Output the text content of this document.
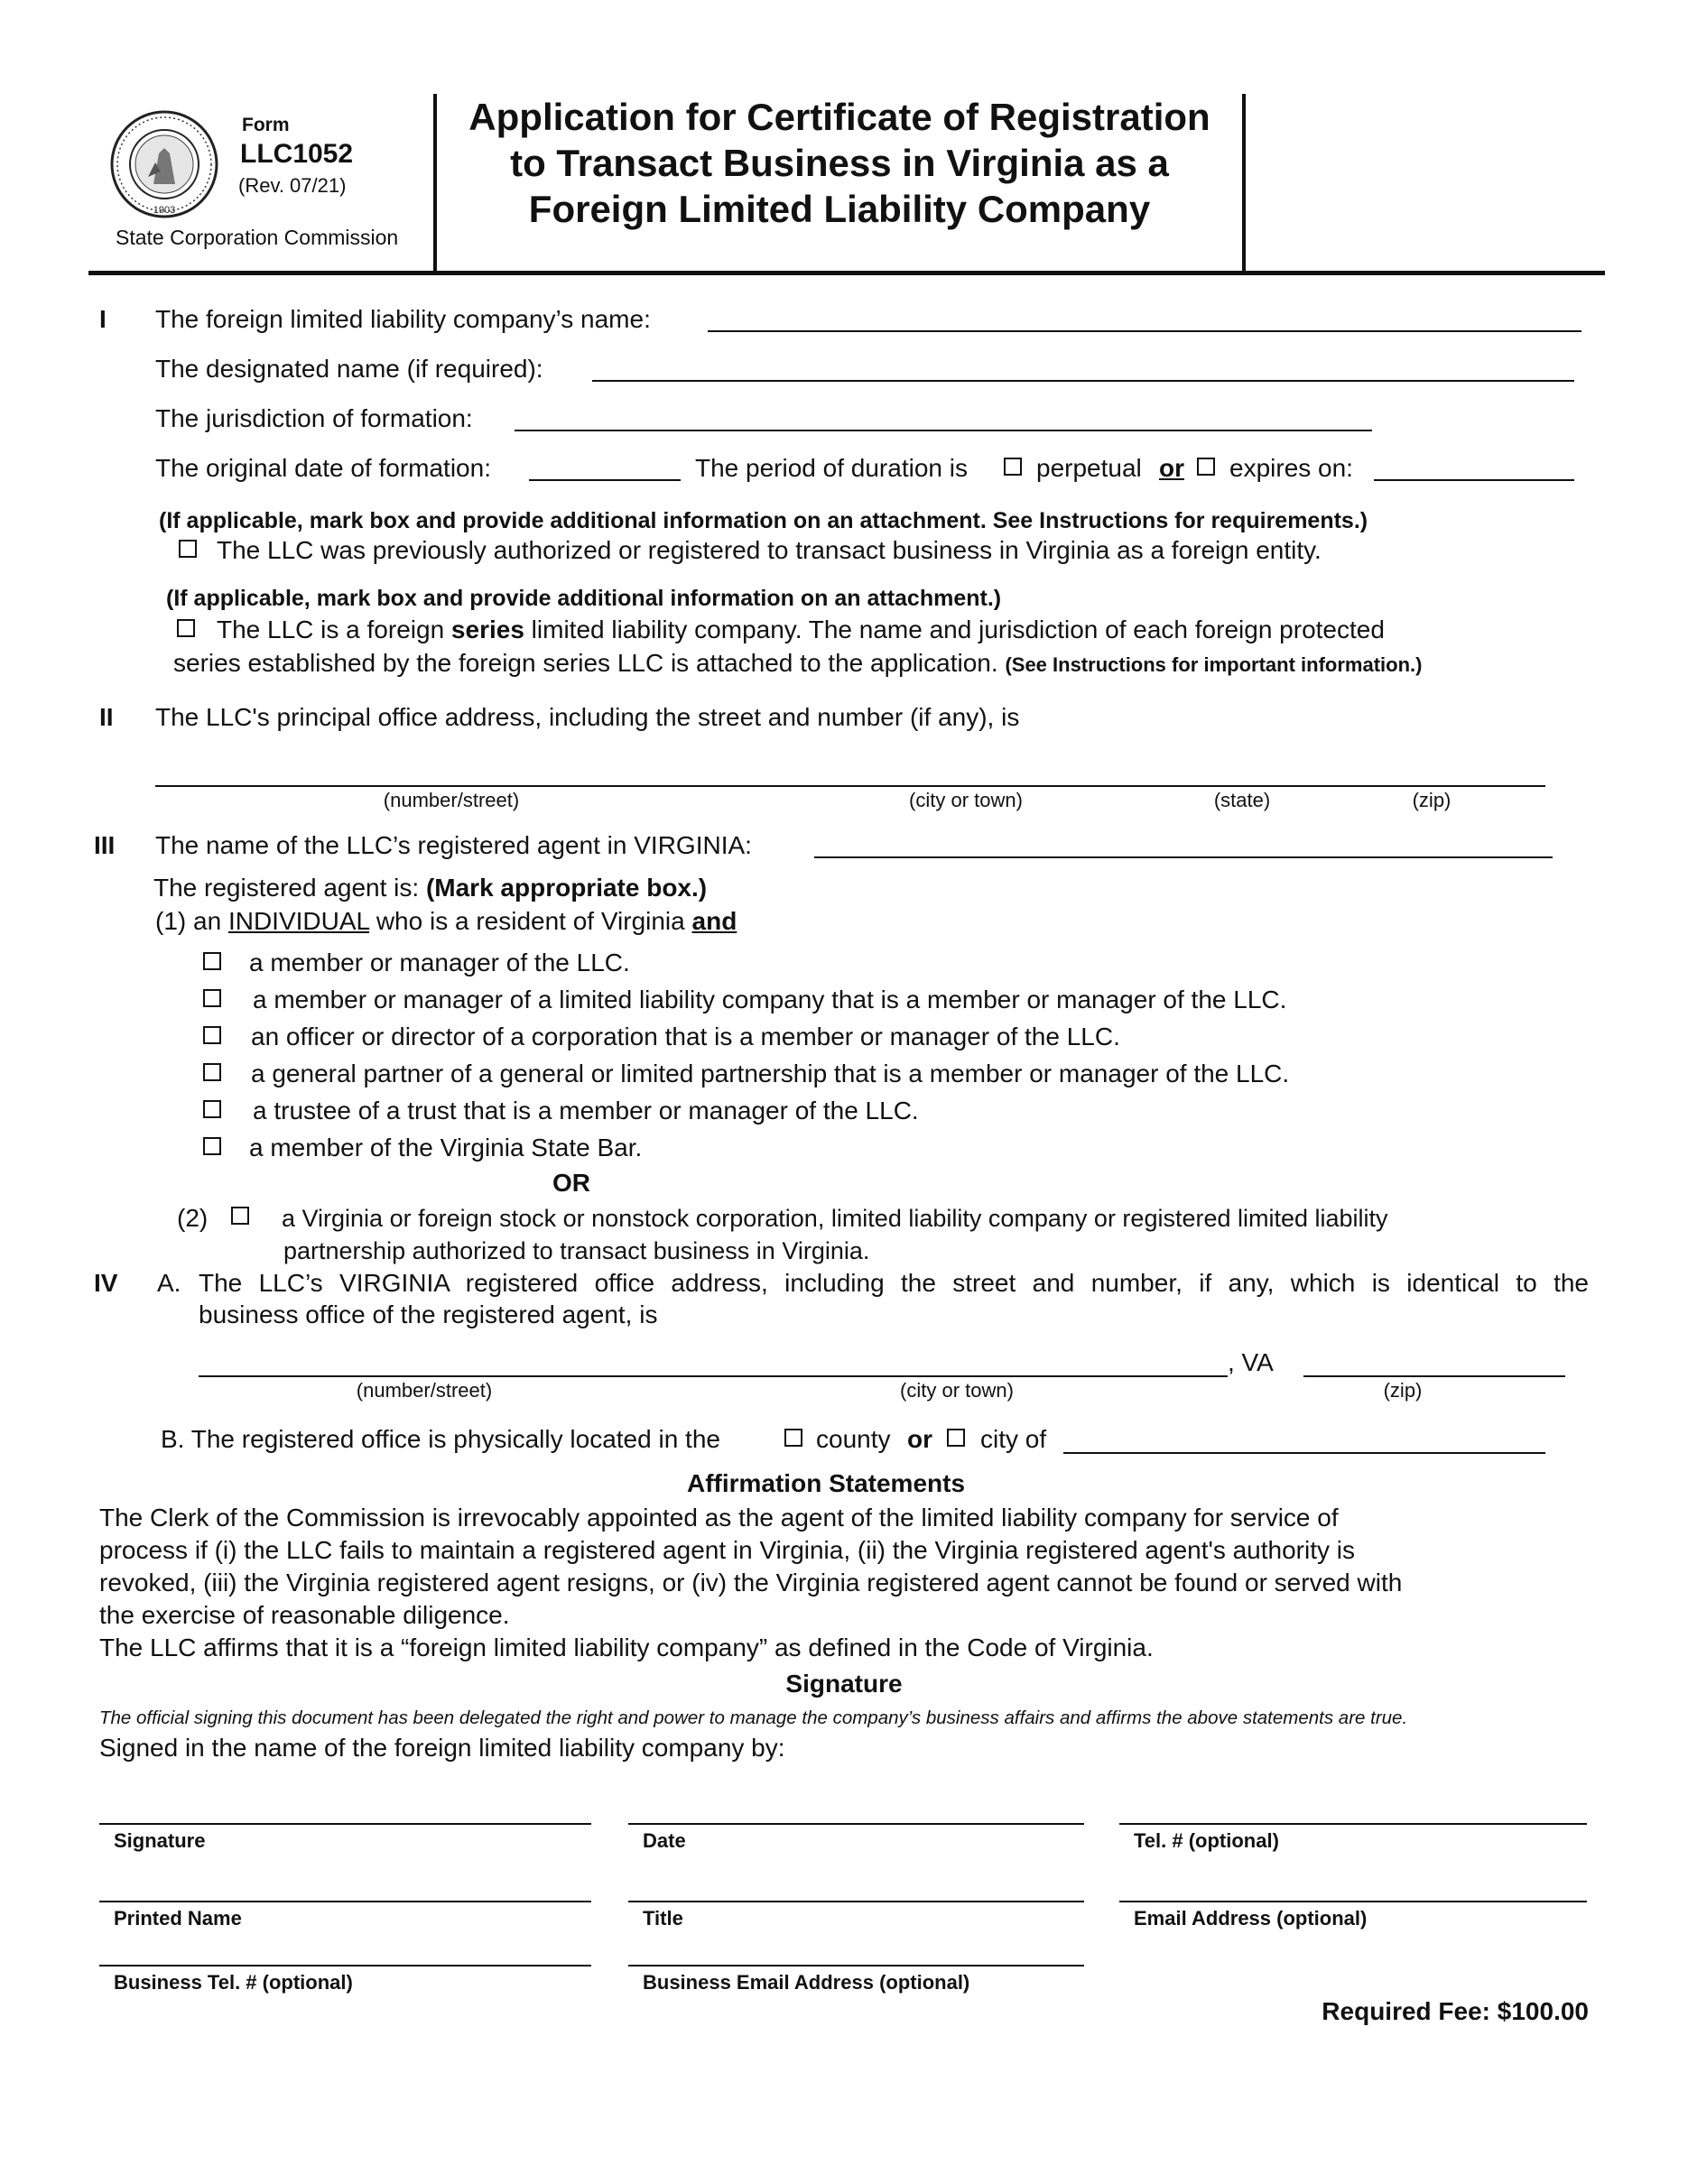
1903
Form
LLC1052
(Rev. 07/21)
State Corporation Commission
Application for Certificate of Registration
to Transact Business in Virginia as a
Foreign Limited Liability Company
I The foreign limited liability company’s name:
The designated name (if required):
The jurisdiction of formation:
The original date of formation:	The period of duration is	perpetual or expires on:
(If applicable, mark box and provide additional information on an attachment. See Instructions for requirements.)
The LLC was previously authorized or registered to transact business in Virginia as a foreign entity.
(If applicable, mark box and provide additional information on an attachment.)
The LLC is a foreign series limited liability company. The name and jurisdiction of each foreign protected
series established by the foreign series LLC is attached to the application. (See Instructions for important information.)
II The LLC's principal office address, including the street and number (if any), is
(number/street)	(city or town)	(state)	(zip)
III The name of the LLC’s registered agent in VIRGINIA:
The registered agent is: (Mark appropriate box.)
(1) an INDIVIDUAL who is a resident of Virginia and
a member or manager of the LLC.
a member or manager of a limited liability company that is a member or manager of the LLC.
an officer or director of a corporation that is a member or manager of the LLC.
a general partner of a general or limited partnership that is a member or manager of the LLC.
a trustee of a trust that is a member or manager of the LLC.
a member of the Virginia State Bar.
OR
(2)	a Virginia or foreign stock or nonstock corporation, limited liability company or registered limited liability
partnership authorized to transact business in Virginia.
IV A. The LLC’s VIRGINIA registered office address, including the street and number, if any, which is identical to the
business office of the registered agent, is
, VA
(number/street)	(city or town)	(zip)
B. The registered office is physically located in the	county or city of
Affirmation Statements
The Clerk of the Commission is irrevocably appointed as the agent of the limited liability company for service of
process if (i) the LLC fails to maintain a registered agent in Virginia, (ii) the Virginia registered agent's authority is
revoked, (iii) the Virginia registered agent resigns, or (iv) the Virginia registered agent cannot be found or served with
the exercise of reasonable diligence.
The LLC affirms that it is a “foreign limited liability company” as defined in the Code of Virginia.
Signature
The official signing this document has been delegated the right and power to manage the company’s business affairs and affirms the above statements are true.
Signed in the name of the foreign limited liability company by:
Signature	Date	Tel. # (optional)
Printed Name	Title	Email Address (optional)
Business Tel. # (optional)	Business Email Address (optional)
Required Fee: $100.00
